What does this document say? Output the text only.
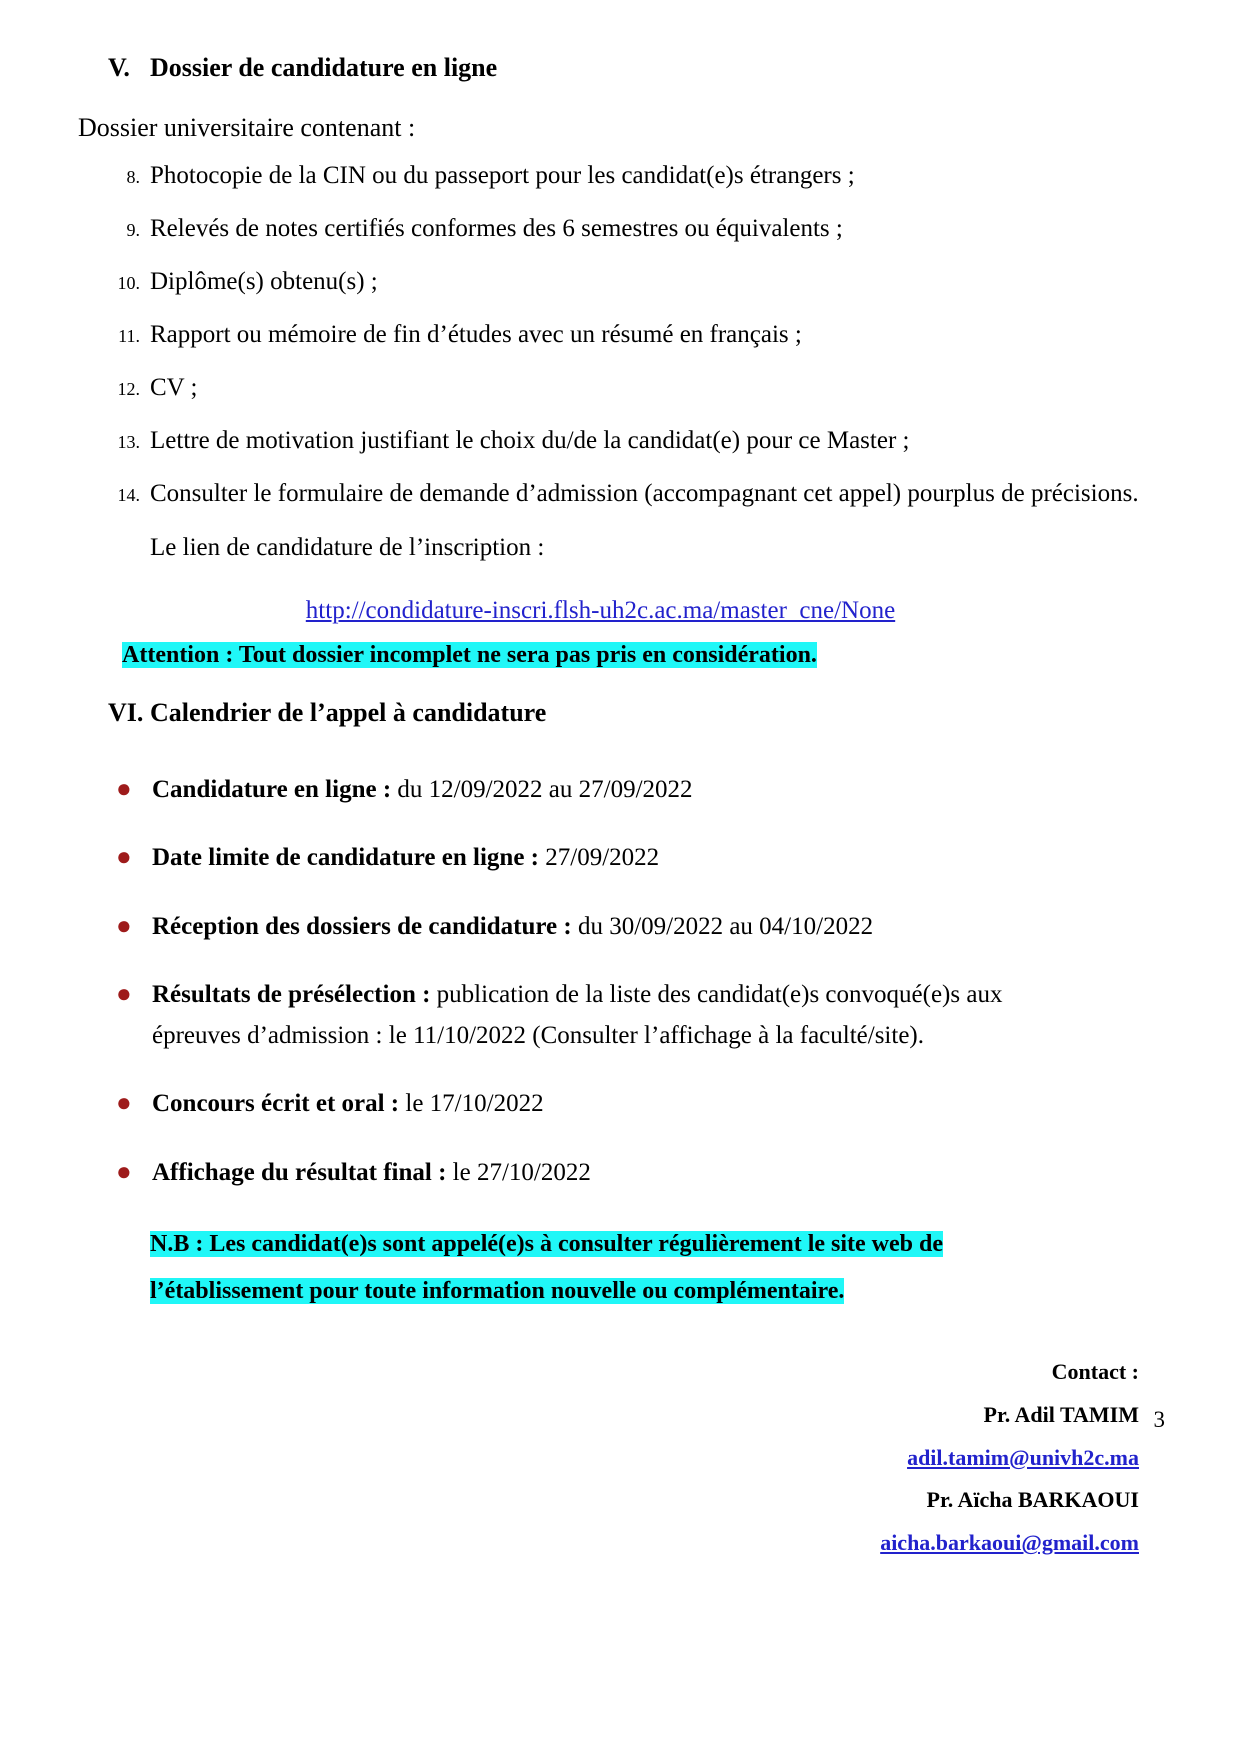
V. Dossier de candidature en ligne

Dossier universitaire contenant :

8. Photocopie de la CIN ou du passeport pour les candidat(e)s étrangers ;
9. Relevés de notes certifiés conformes des 6 semestres ou équivalents ;
10. Diplôme(s) obtenu(s) ;
11. Rapport ou mémoire de fin d’études avec un résumé en français ;
12. CV ;
13. Lettre de motivation justifiant le choix du/de la candidat(e) pour ce Master ;
14. Consulter le formulaire de demande d’admission (accompagnant cet appel) pourplus de précisions.

Le lien de candidature de l’inscription :

http://condidature-inscri.flsh-uh2c.ac.ma/master_cne/None
Attention : Tout dossier incomplet ne sera pas pris en considération.
VI. Calendrier de l’appel à candidature
● Candidature en ligne : du 12/09/2022 au 27/09/2022
● Date limite de candidature en ligne : 27/09/2022
● Réception des dossiers de candidature : du 30/09/2022 au 04/10/2022
● Résultats de présélection : publication de la liste des candidat(e)s convoqué(e)s aux épreuves d’admission : le 11/10/2022 (Consulter l’affichage à la faculté/site).
● Concours écrit et oral : le 17/10/2022
● Affichage du résultat final : le 27/10/2022
N.B : Les candidat(e)s sont appelé(e)s à consulter régulièrement le site web de l’établissement pour toute information nouvelle ou complémentaire.
Contact :
Pr. Adil TAMIM
adil.tamim@univh2c.ma
Pr. Aïcha BARKAOUI
aicha.barkaoui@gmail.com
3
